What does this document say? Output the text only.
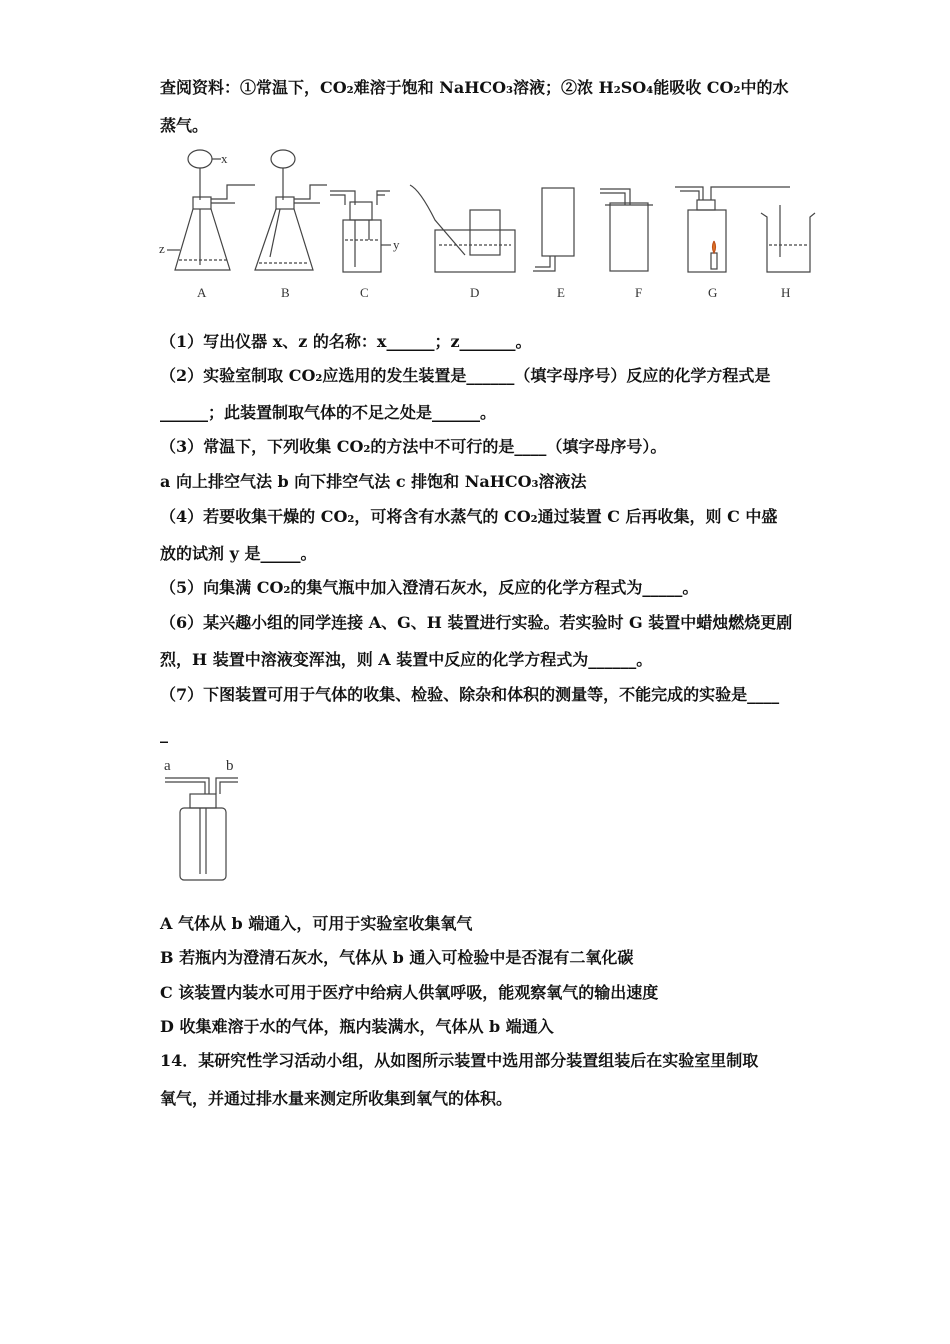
查阅资料：①常温下，CO₂难溶于饱和 NaHCO₃溶液；②浓 H₂SO₄能吸收 CO₂中的水
蒸气。
x
z	y
A	B	C	D	E	F	G	H
（1）写出仪器 x、z 的名称：x______；z_______。
（2）实验室制取 CO₂应选用的发生装置是______（填字母序号）反应的化学方程式是
______；此装置制取气体的不足之处是______。
（3）常温下，下列收集 CO₂的方法中不可行的是____（填字母序号）。
a 向上排空气法 b 向下排空气法 c 排饱和 NaHCO₃溶液法
（4）若要收集干燥的 CO₂，可将含有水蒸气的 CO₂通过装置 C 后再收集，则 C 中盛
放的试剂 y 是_____。
（5）向集满 CO₂的集气瓶中加入澄清石灰水，反应的化学方程式为_____。
（6）某兴趣小组的同学连接 A、G、H 装置进行实验。若实验时 G 装置中蜡烛燃烧更剧
烈，H 装置中溶液变浑浊，则 A 装置中反应的化学方程式为______。
（7）下图装置可用于气体的收集、检验、除杂和体积的测量等，不能完成的实验是____
_
a	b
A 气体从 b 端通入，可用于实验室收集氧气
B 若瓶内为澄清石灰水，气体从 b 通入可检验中是否混有二氧化碳
C 该装置内装水可用于医疗中给病人供氧呼吸，能观察氧气的输出速度
D 收集难溶于水的气体，瓶内装满水，气体从 b 端通入
14．某研究性学习活动小组，从如图所示装置中选用部分装置组装后在实验室里制取
氧气，并通过排水量来测定所收集到氧气的体积。
